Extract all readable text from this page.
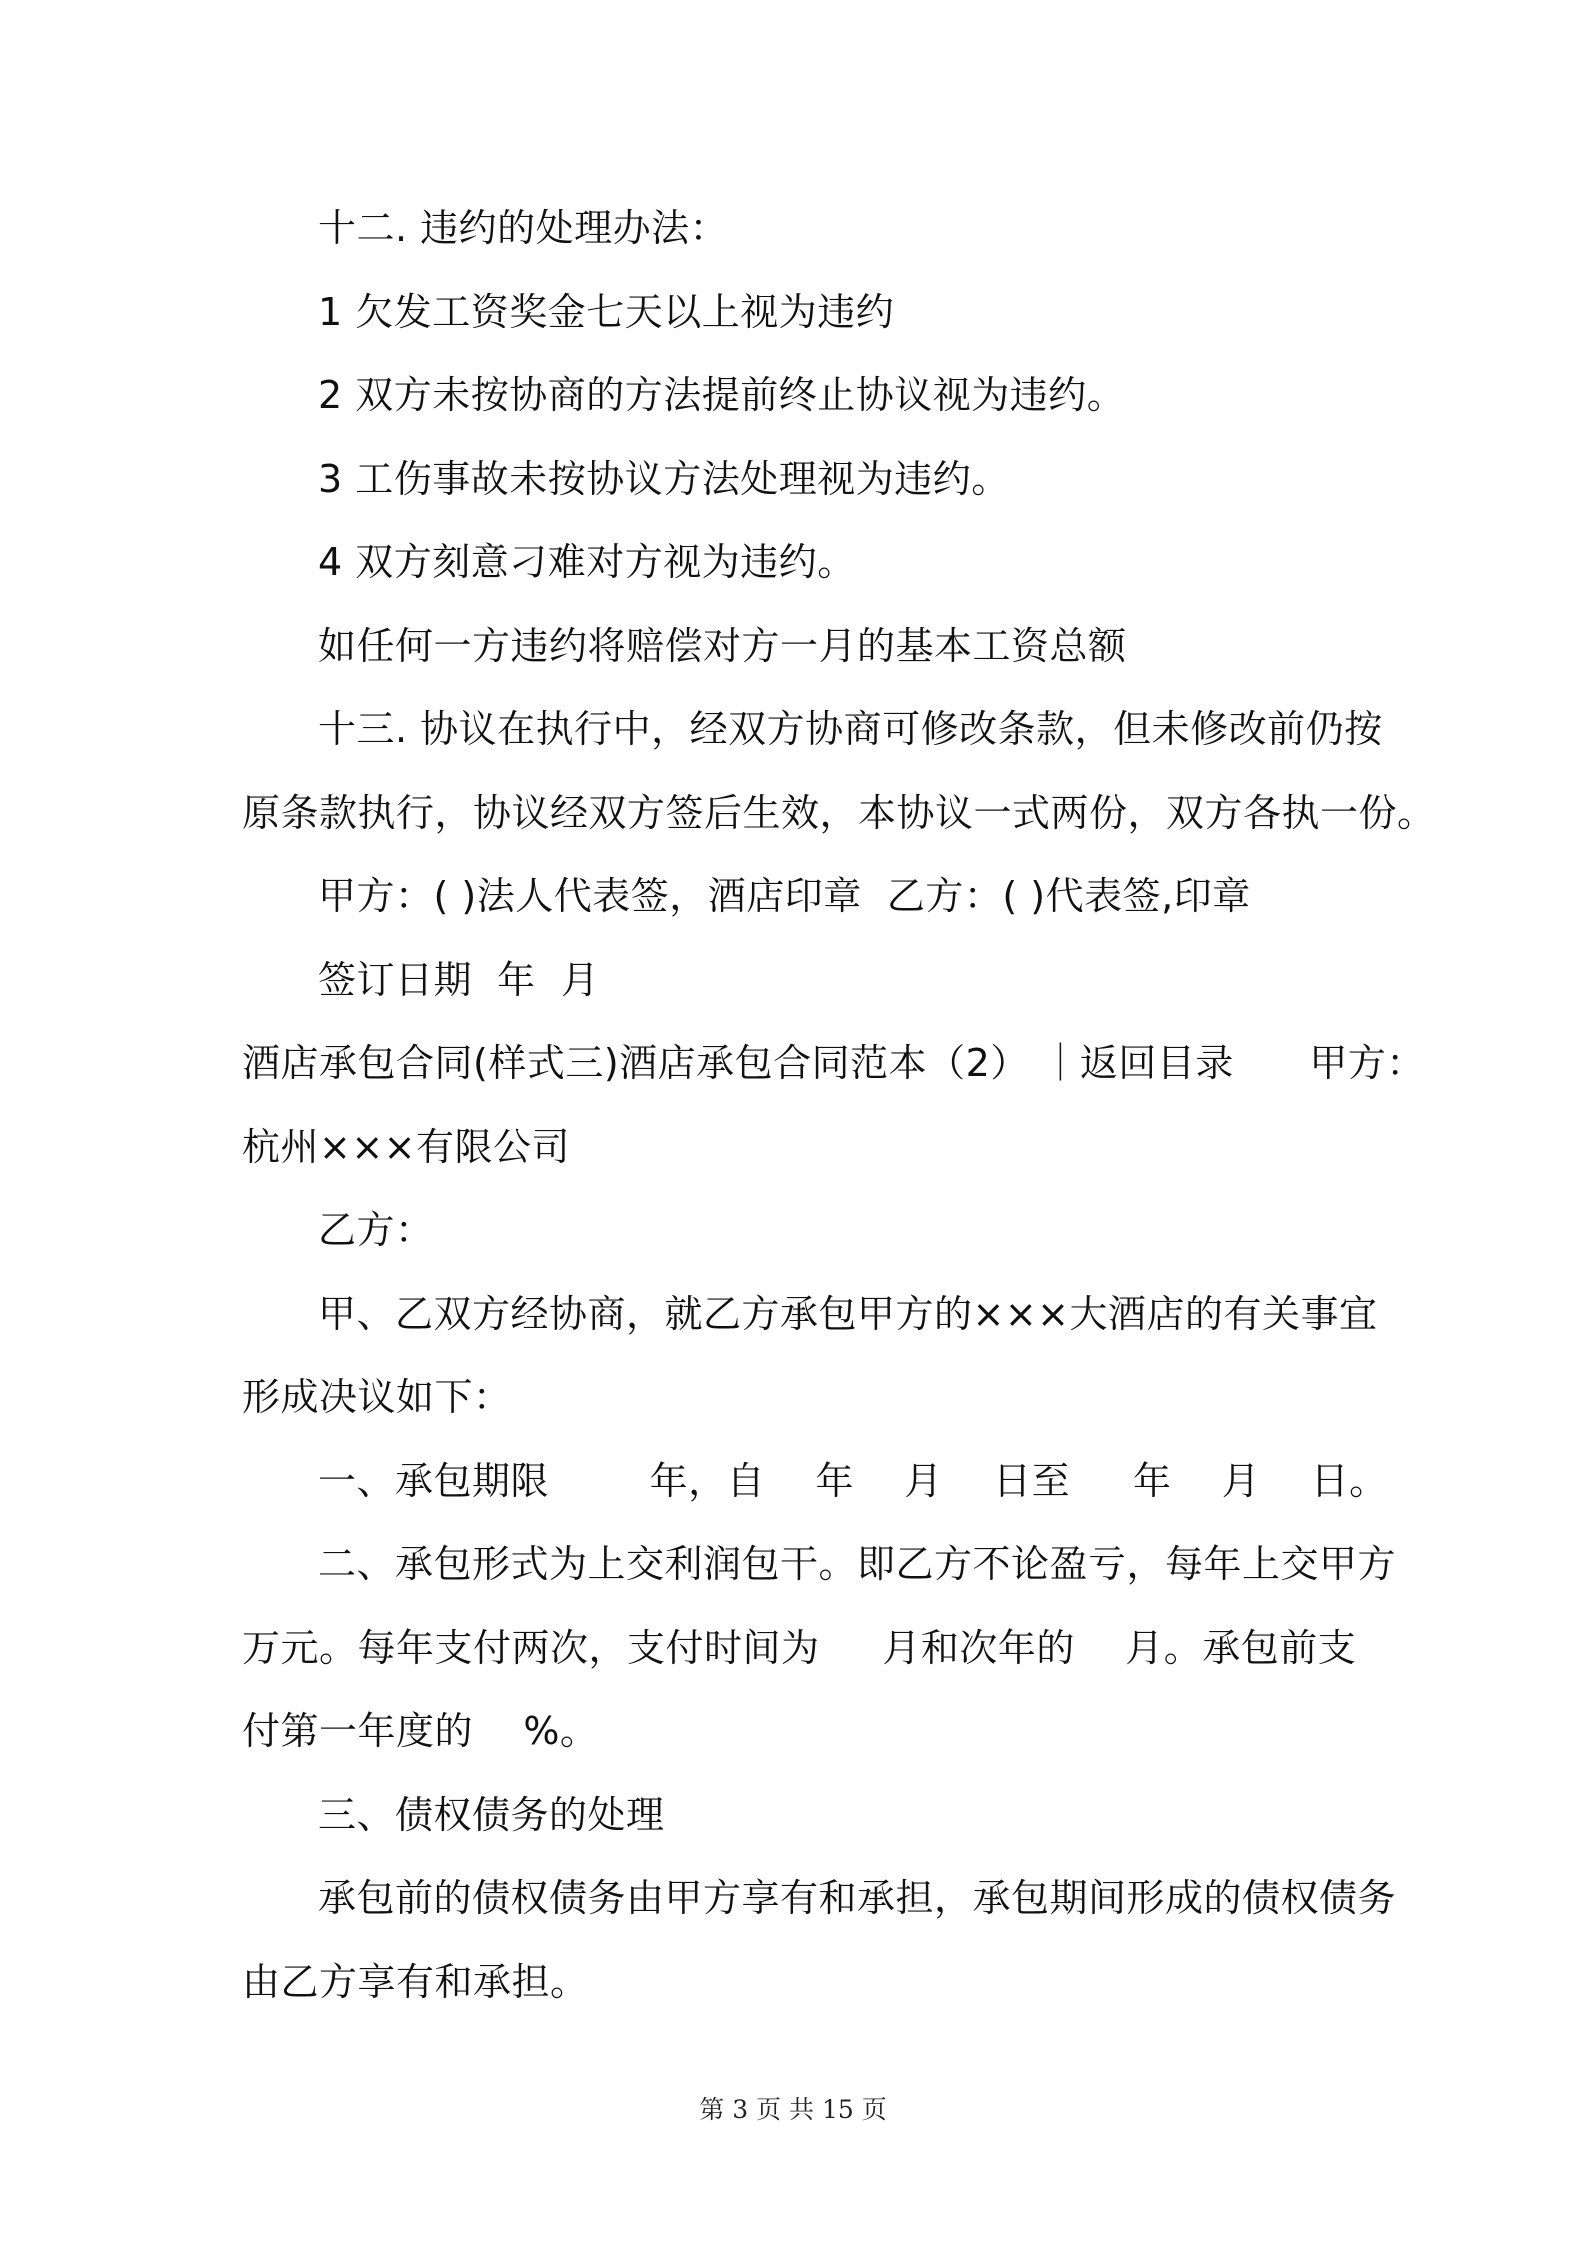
十二. 违约的处理办法：
1 欠发工资奖金七天以上视为违约
2 双方未按协商的方法提前终止协议视为违约。
3 工伤事故未按协议方法处理视为违约。
4 双方刻意刁难对方视为违约。
如任何一方违约将赔偿对方一月的基本工资总额
十三. 协议在执行中，经双方协商可修改条款，但未修改前仍按
原条款执行，协议经双方签后生效，本协议一式两份，双方各执一份。
甲方：( )法人代表签，酒店印章  乙方：( )代表签,印章
签订日期  年  月
酒店承包合同(样式三)酒店承包合同范本（2） ｜返回目录      甲方：
杭州×××有限公司
乙方：
甲、乙双方经协商，就乙方承包甲方的×××大酒店的有关事宜
形成决议如下：
一、承包期限        年，自    年    月    日至     年    月    日。
二、承包形式为上交利润包干。即乙方不论盈亏，每年上交甲方
万元。每年支付两次，支付时间为     月和次年的    月。承包前支
付第一年度的    %。
三、债权债务的处理
承包前的债权债务由甲方享有和承担，承包期间形成的债权债务
由乙方享有和承担。
第 3 页 共 15 页
